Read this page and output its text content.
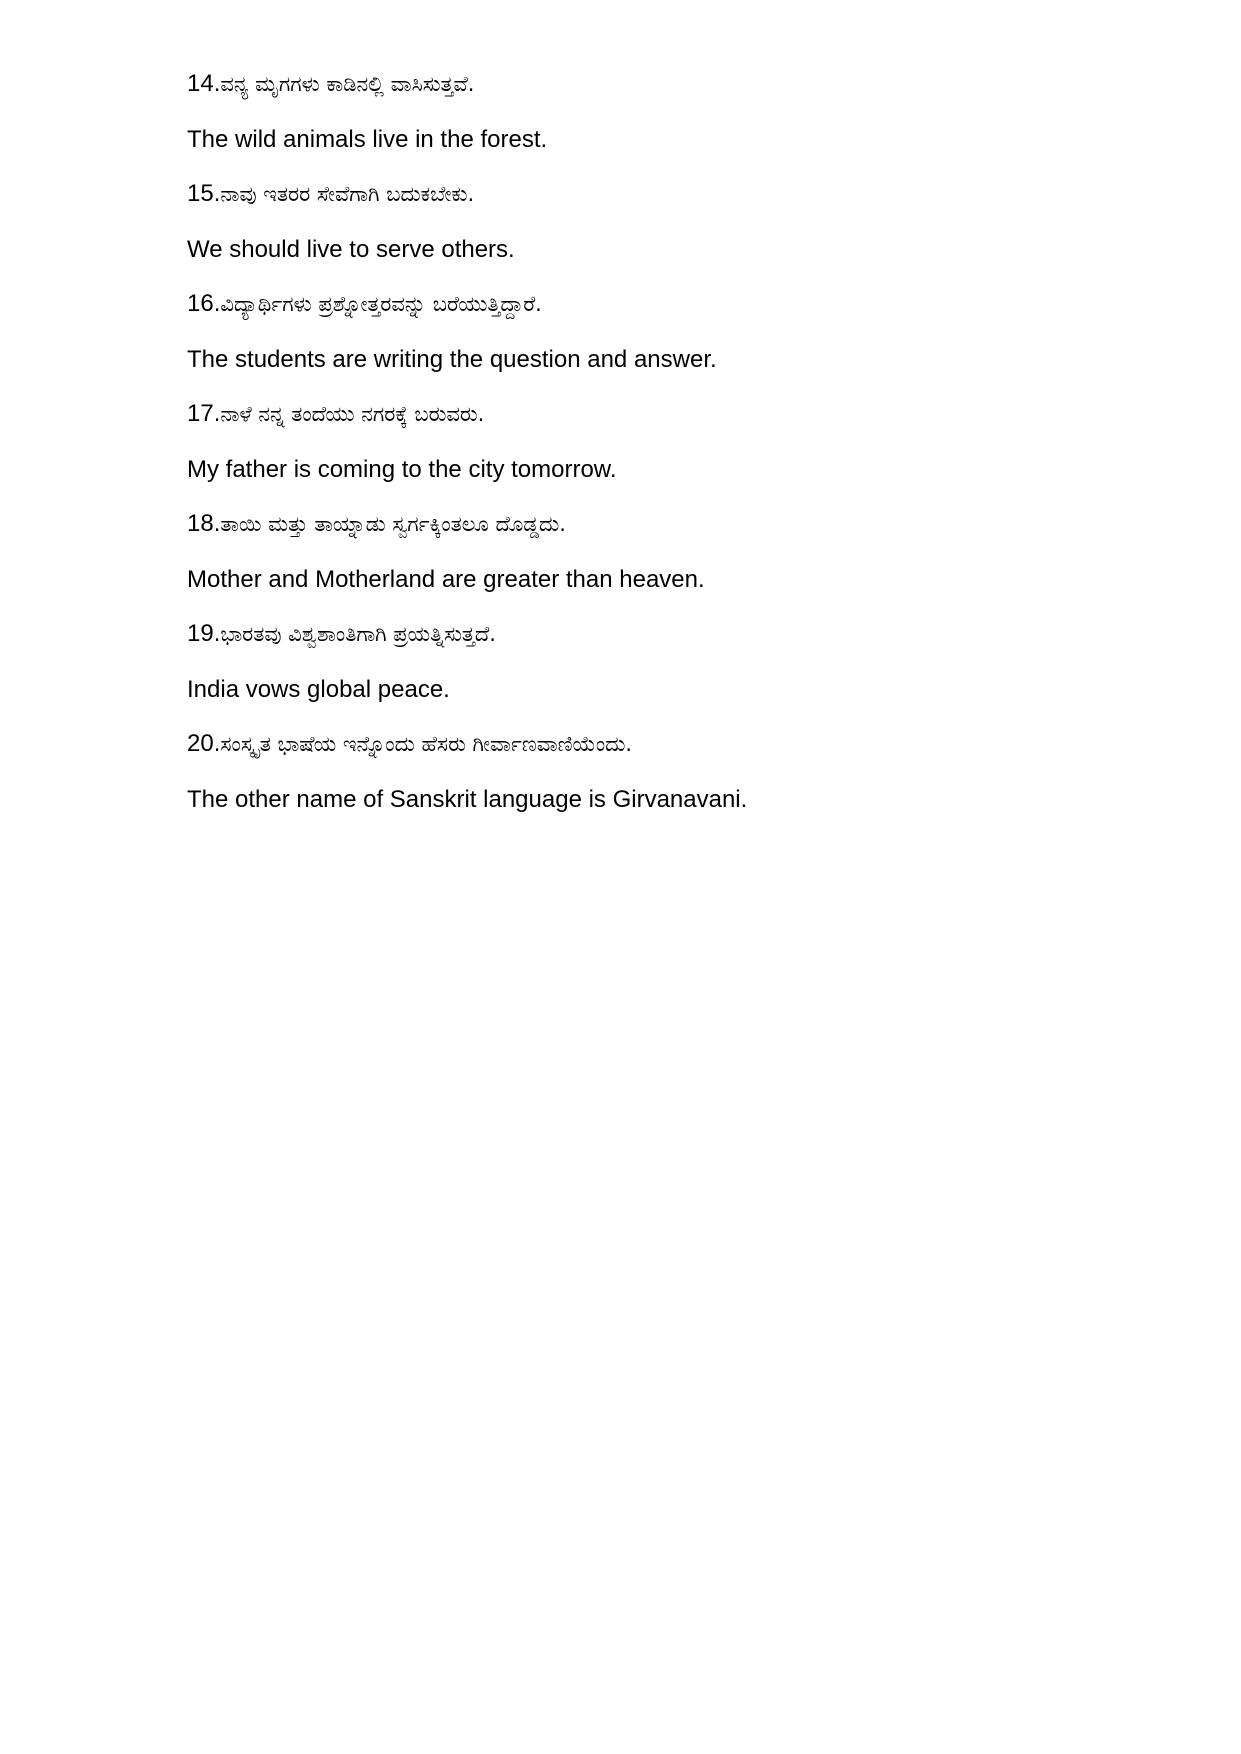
14.ವನ್ಯ ಮೃಗಗಳು ಕಾಡಿನಲ್ಲಿ ವಾಸಿಸುತ್ತವೆ.
The wild animals live in the forest.
15.ನಾವು ಇತರರ ಸೇವೆಗಾಗಿ ಬದುಕಬೇಕು.
We should live to serve others.
16.ವಿದ್ಯಾರ್ಥಿಗಳು ಪ್ರಶ್ನೋತ್ತರವನ್ನು ಬರೆಯುತ್ತಿದ್ದಾರೆ.
The students are writing the question and answer.
17.ನಾಳೆ ನನ್ನ ತಂದೆಯು ನಗರಕ್ಕೆ ಬರುವರು.
My father is coming to the city tomorrow.
18.ತಾಯಿ ಮತ್ತು ತಾಯ್ನಾಡು ಸ್ವರ್ಗಕ್ಕಿಂತಲೂ ದೊಡ್ಡದು.
Mother and Motherland are greater than heaven.
19.ಭಾರತವು ವಿಶ್ವಶಾಂತಿಗಾಗಿ ಪ್ರಯತ್ನಿಸುತ್ತದೆ.
India vows global peace.
20.ಸಂಸ್ಕೃತ ಭಾಷೆಯ ಇನ್ನೊಂದು ಹೆಸರು ಗೀರ್ವಾಣವಾಣಿಯೆಂದು.
The other name of Sanskrit language is Girvanavani.
